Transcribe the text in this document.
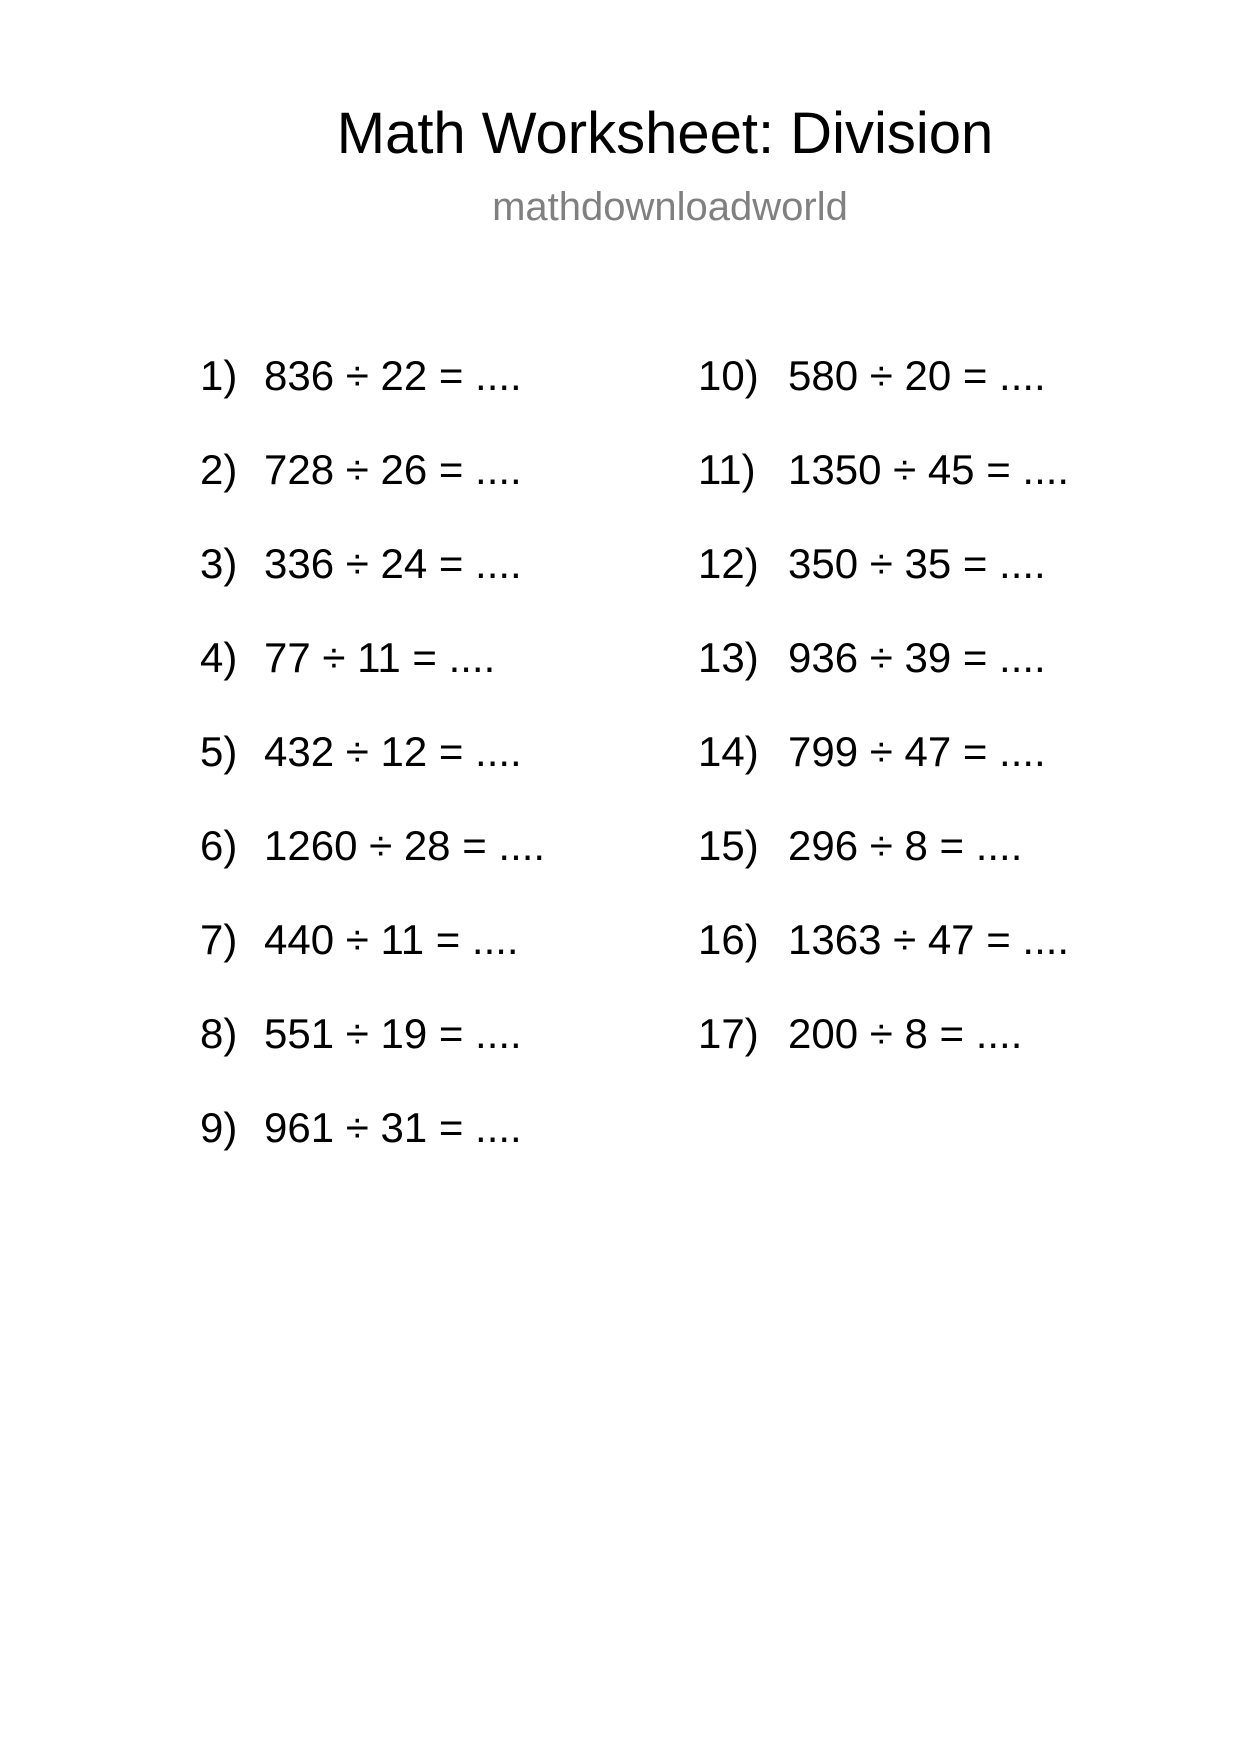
Math Worksheet: Division
mathdownloadworld
1) 836 ÷ 22 = ....
2) 728 ÷ 26 = ....
3) 336 ÷ 24 = ....
4) 77 ÷ 11 = ....
5) 432 ÷ 12 = ....
6) 1260 ÷ 28 = ....
7) 440 ÷ 11 = ....
8) 551 ÷ 19 = ....
9) 961 ÷ 31 = ....
10) 580 ÷ 20 = ....
11) 1350 ÷ 45 = ....
12) 350 ÷ 35 = ....
13) 936 ÷ 39 = ....
14) 799 ÷ 47 = ....
15) 296 ÷ 8 = ....
16) 1363 ÷ 47 = ....
17) 200 ÷ 8 = ....
